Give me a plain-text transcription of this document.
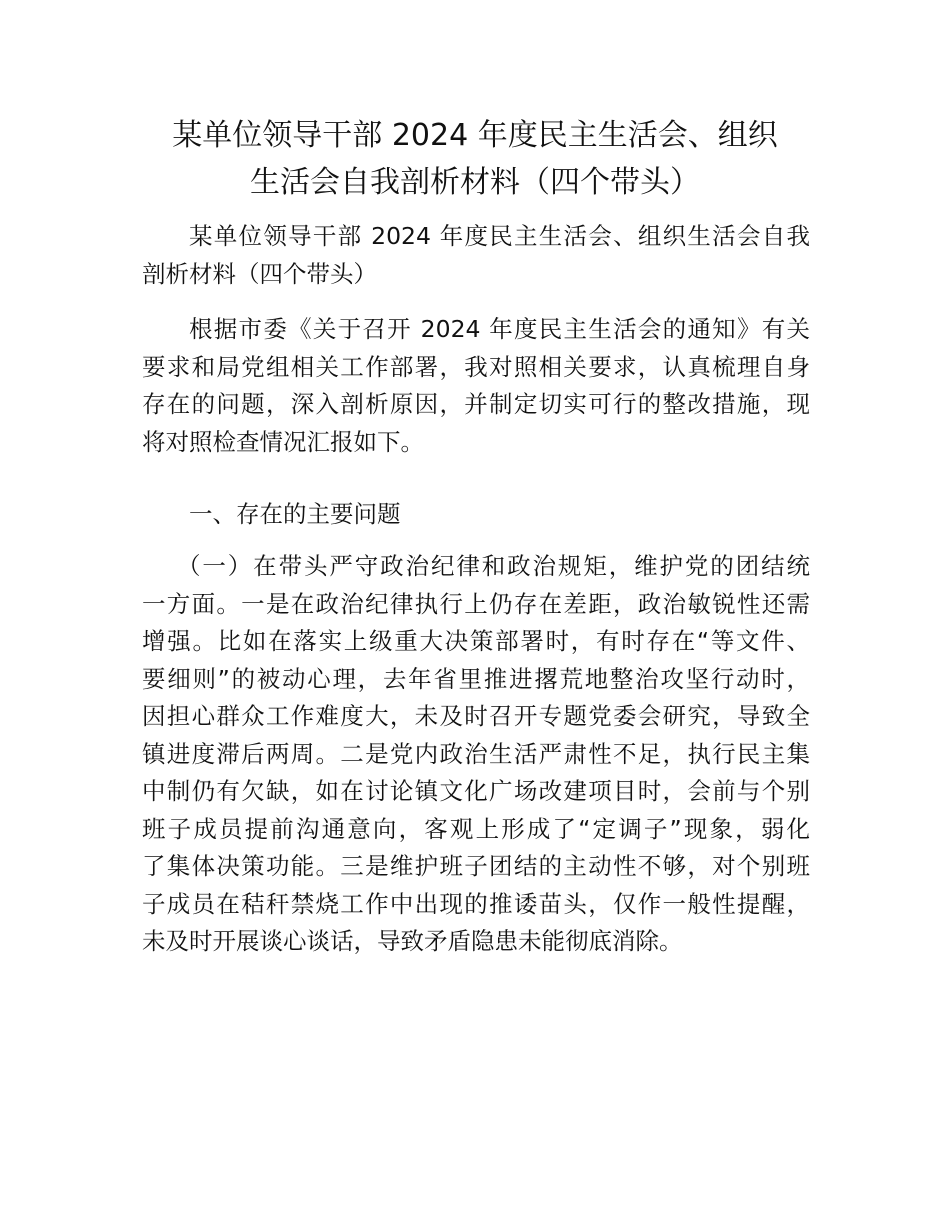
某单位领导干部 2024 年度民主生活会、组织
生活会自我剖析材料（四个带头）
某单位领导干部 2024 年度民主生活会、组织生活会自我
剖析材料（四个带头）
根据市委《关于召开 2024 年度民主生活会的通知》有关
要求和局党组相关工作部署，我对照相关要求，认真梳理自身
存在的问题，深入剖析原因，并制定切实可行的整改措施，现
将对照检查情况汇报如下。
一、存在的主要问题
（一）在带头严守政治纪律和政治规矩，维护党的团结统
一方面。一是在政治纪律执行上仍存在差距，政治敏锐性还需
增强。比如在落实上级重大决策部署时，有时存在“等文件、
要细则”的被动心理，去年省里推进撂荒地整治攻坚行动时，
因担心群众工作难度大，未及时召开专题党委会研究，导致全
镇进度滞后两周。二是党内政治生活严肃性不足，执行民主集
中制仍有欠缺，如在讨论镇文化广场改建项目时，会前与个别
班子成员提前沟通意向，客观上形成了“定调子”现象，弱化
了集体决策功能。三是维护班子团结的主动性不够，对个别班
子成员在秸秆禁烧工作中出现的推诿苗头，仅作一般性提醒，
未及时开展谈心谈话，导致矛盾隐患未能彻底消除。
